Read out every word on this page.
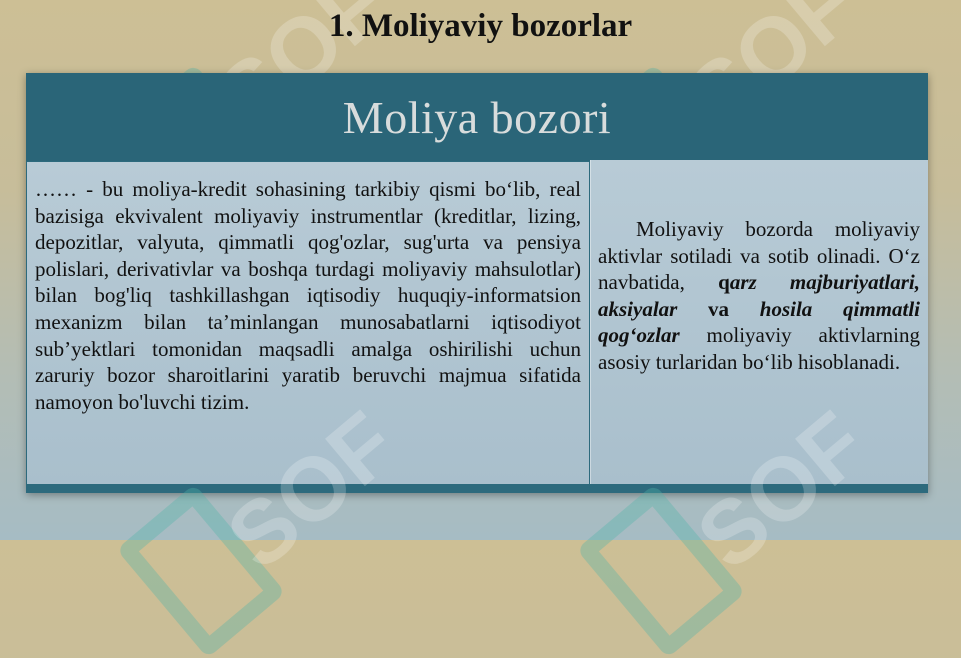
1. Moliyaviy bozorlar
Moliya bozori

…… - bu moliya-kredit sohasining tarkibiy qismi bo‘lib, real bazisiga ekvivalent moliyaviy instrumentlar (kreditlar, lizing, depozitlar, valyuta, qimmatli qog'ozlar, sug'urta va pensiya polislari, derivativlar va boshqa turdagi moliyaviy mahsulotlar) bilan bog'liq tashkillashgan iqtisodiy huquqiy-informatsion mexanizm bilan ta’minlangan munosabatlarni iqtisodiyot sub’yektlari tomonidan maqsadli amalga oshirilishi uchun zaruriy bozor sharoitlarini yaratib beruvchi majmua sifatida namoyon bo'luvchi tizim.

Moliyaviy bozorda moliyaviy aktivlar sotiladi va sotib olinadi. O‘z navbatida, qarz majburiyatlari, aksiyalar va hosila qimmatli qog‘ozlar moliyaviy aktivlarning asosiy turlaridan bo‘lib hisoblanadi.

SOF	SOF
